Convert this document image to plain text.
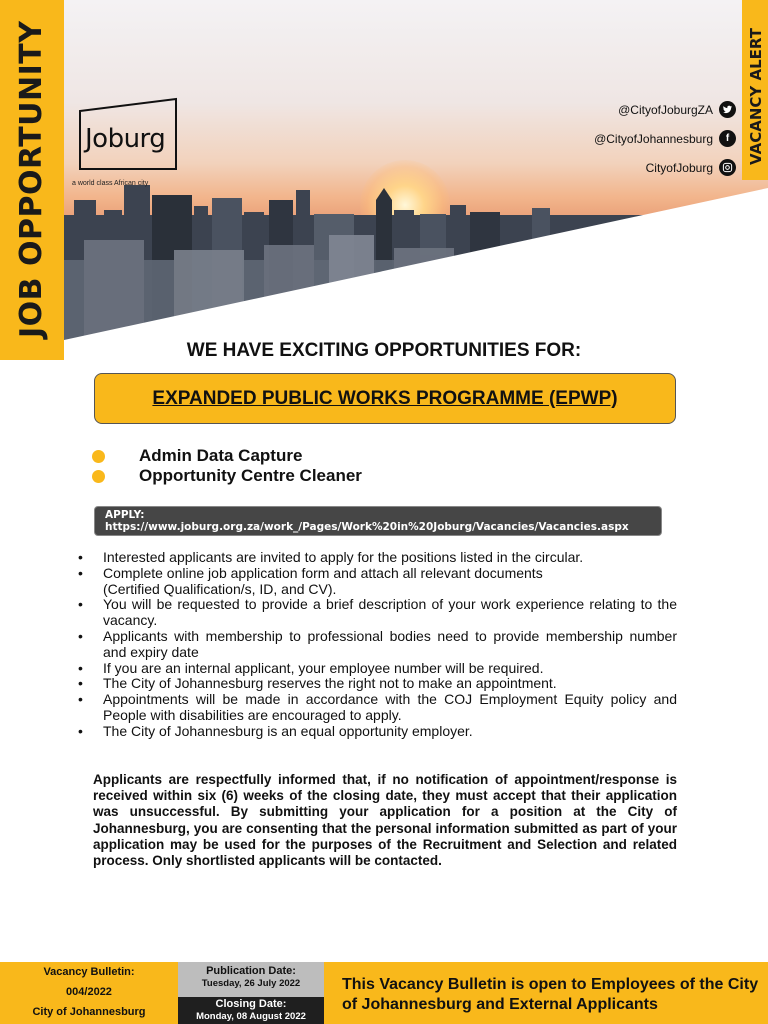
JOB OPPORTUNITY	VACANCY ALERT
Joburg
a world class African city
@CityofJoburgZA
@CityofJohannesburg	f
CityofJoburg
WE HAVE EXCITING OPPORTUNITIES FOR:
EXPANDED PUBLIC WORKS PROGRAMME (EPWP)
Admin Data Capture
Opportunity Centre Cleaner
APPLY: https://www.joburg.org.za/work_/Pages/Work%20in%20Joburg/Vacancies/Vacancies.aspx
• Interested applicants are invited to apply for the positions listed in the circular.
• Complete online job application form and attach all relevant documents
(Certified Qualification/s, ID, and CV).
• You will be requested to provide a brief description of your work experience relating to the vacancy.
• Applicants with membership to professional bodies need to provide membership number and expiry date
• If you are an internal applicant, your employee number will be required.
• The City of Johannesburg reserves the right not to make an appointment.
• Appointments will be made in accordance with the COJ Employment Equity policy and People with disabilities are encouraged to apply.
• The City of Johannesburg is an equal opportunity employer.
Applicants are respectfully informed that, if no notification of appointment/response is received within six (6) weeks of the closing date, they must accept that their application was unsuccessful. By submitting your application for a position at the City of Johannesburg, you are consenting that the personal information submitted as part of your application may be used for the purposes of the Recruitment and Selection and related process. Only shortlisted applicants will be contacted.
Vacancy Bulletin:
004/2022
City of Johannesburg
Publication Date:
Tuesday, 26 July 2022
Closing Date:
Monday, 08 August 2022
This Vacancy Bulletin is open to Employees of the City of Johannesburg and External Applicants
